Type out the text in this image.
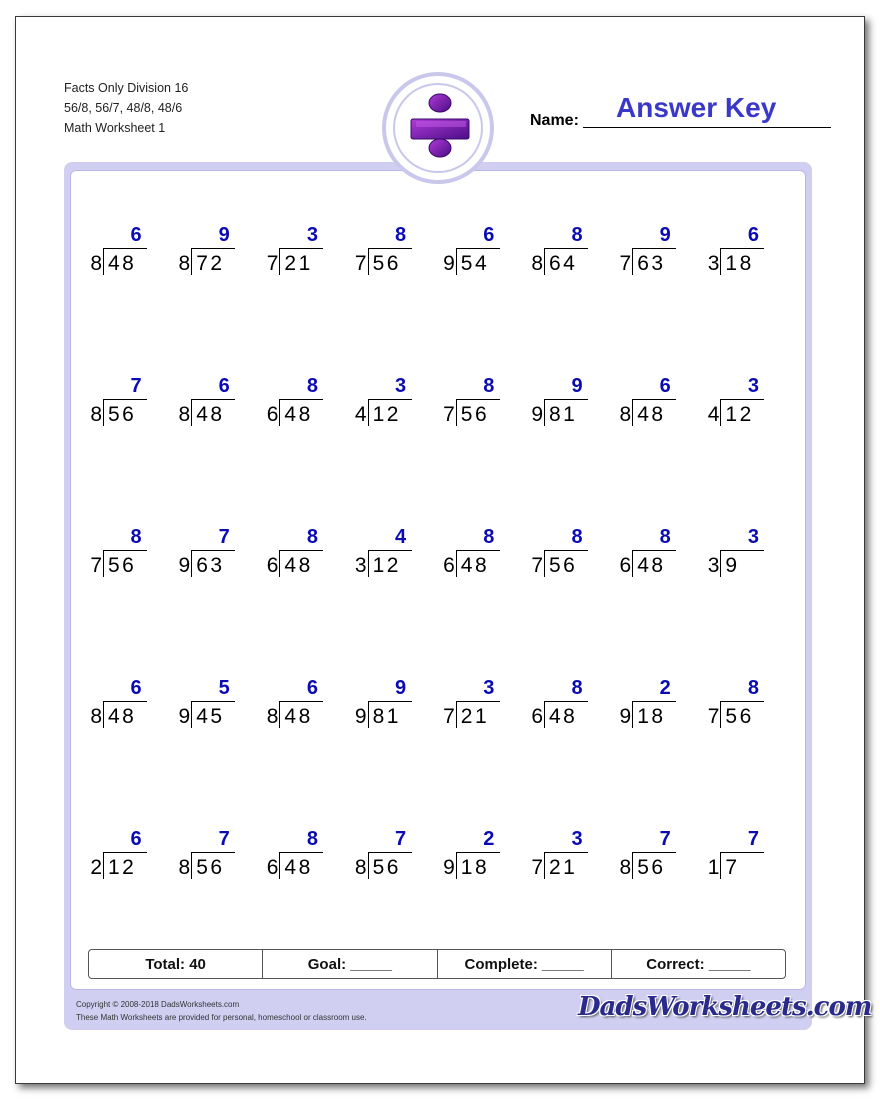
Facts Only Division 16
56/8, 56/7, 48/8, 48/6
Math Worksheet 1	Name: Answer Key
6
8 48
9
8 72
3
7 21
8
7 56
6
9 54
8
8 64
9
7 63
6
3 18
7
8 56
6
8 48
8
6 48
3
4 12
8
7 56
9
9 81
6
8 48
3
4 12
8
7 56
7
9 63
8
6 48
4
3 12
8
6 48
8
7 56
8
6 48
3
3 9
6
8 48
5
9 45
6
8 48
9
9 81
3
7 21
8
6 48
2
9 18
8
7 56
6
2 12
7
8 56
8
6 48
7
8 56
2
9 18
3
7 21
7
8 56
7
1 7
Total: 40	Goal: _____	Complete: _____	Correct: _____
Copyright © 2008-2018 DadsWorksheets.com
These Math Worksheets are provided for personal, homeschool or classroom use.	DadsWorksheets.com
